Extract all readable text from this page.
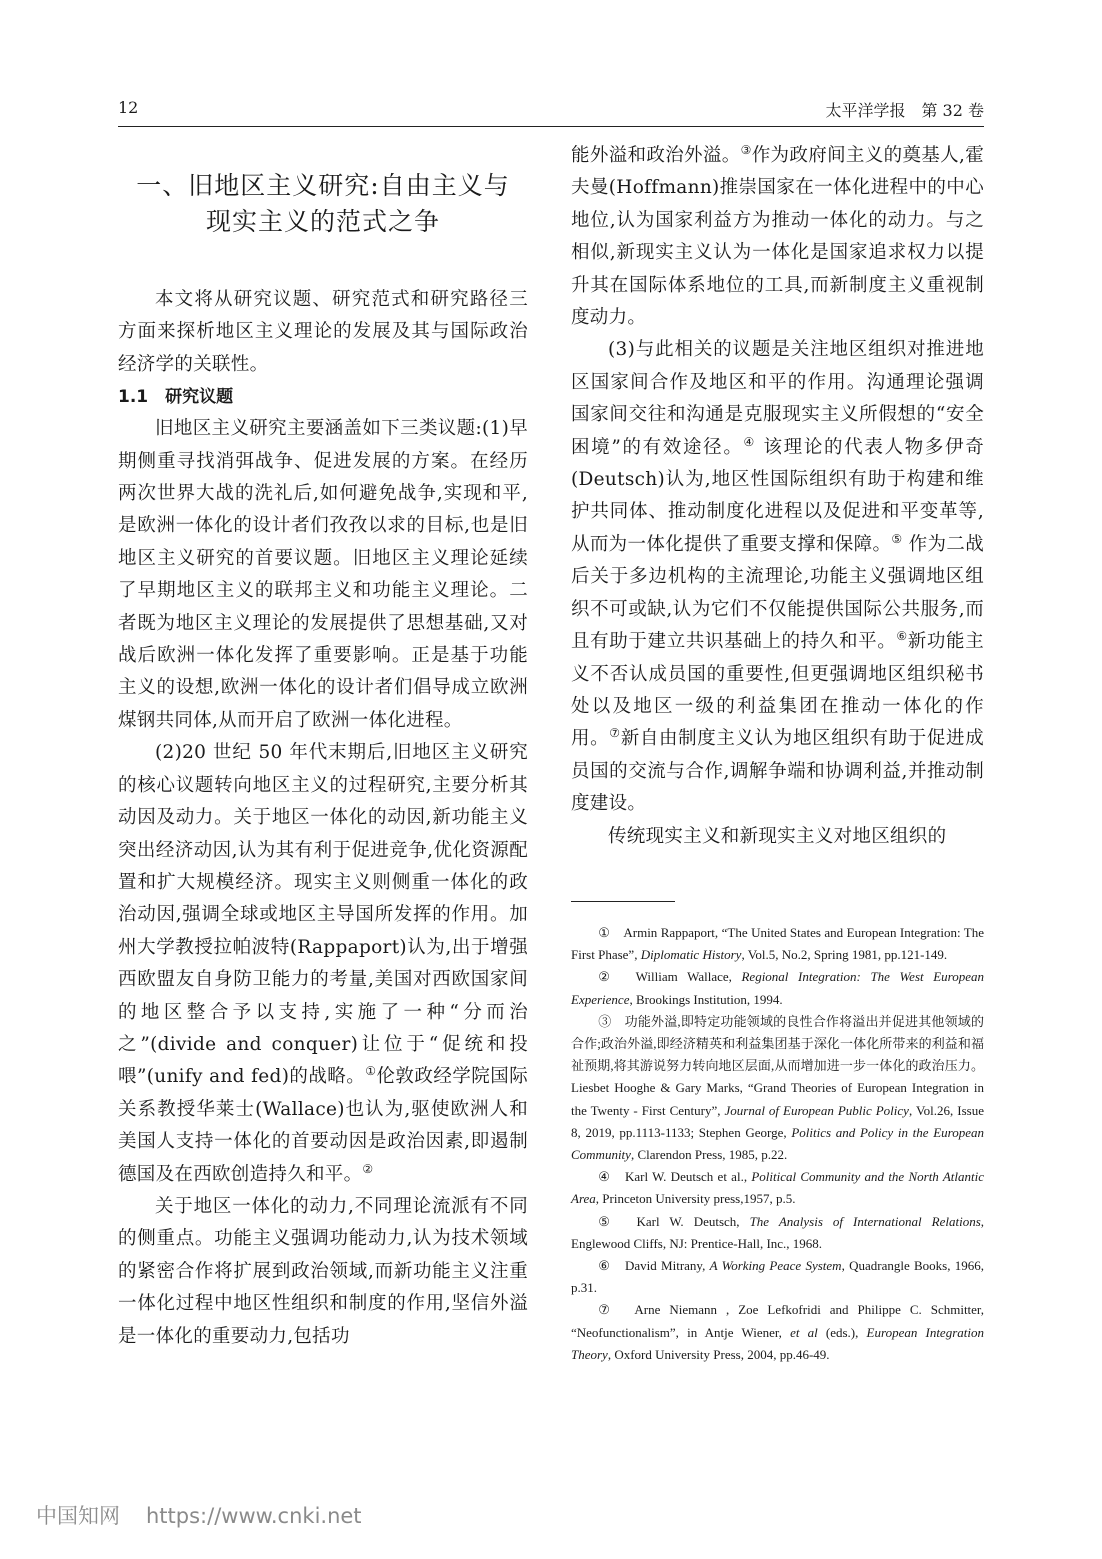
12	太平洋学报　第 32 卷
一、旧地区主义研究:自由主义与
现实主义的范式之争

本文将从研究议题、研究范式和研究路径三方面来探析地区主义理论的发展及其与国际政治经济学的关联性。

1.1　研究议题

旧地区主义研究主要涵盖如下三类议题:(1)早期侧重寻找消弭战争、促进发展的方案。在经历两次世界大战的洗礼后,如何避免战争,实现和平,是欧洲一体化的设计者们孜孜以求的目标,也是旧地区主义研究的首要议题。旧地区主义理论延续了早期地区主义的联邦主义和功能主义理论。二者既为地区主义理论的发展提供了思想基础,又对战后欧洲一体化发挥了重要影响。正是基于功能主义的设想,欧洲一体化的设计者们倡导成立欧洲煤钢共同体,从而开启了欧洲一体化进程。

(2)20 世纪 50 年代末期后,旧地区主义研究的核心议题转向地区主义的过程研究,主要分析其动因及动力。关于地区一体化的动因,新功能主义突出经济动因,认为其有利于促进竞争,优化资源配置和扩大规模经济。现实主义则侧重一体化的政治动因,强调全球或地区主导国所发挥的作用。加州大学教授拉帕波特(Rappaport)认为,出于增强西欧盟友自身防卫能力的考量,美国对西欧国家间的地区整合予以支持,实施了一种“分而治之”(divide and conquer)让位于“促统和投喂”(unify and fed)的战略。①伦敦政经学院国际关系教授华莱士(Wallace)也认为,驱使欧洲人和美国人支持一体化的首要动因是政治因素,即遏制德国及在西欧创造持久和平。②

关于地区一体化的动力,不同理论流派有不同的侧重点。功能主义强调功能动力,认为技术领域的紧密合作将扩展到政治领域,而新功能主义注重一体化过程中地区性组织和制度的作用,坚信外溢是一体化的重要动力,包括功

能外溢和政治外溢。③作为政府间主义的奠基人,霍夫曼(Hoffmann)推崇国家在一体化进程中的中心地位,认为国家利益方为推动一体化的动力。与之相似,新现实主义认为一体化是国家追求权力以提升其在国际体系地位的工具,而新制度主义重视制度动力。

(3)与此相关的议题是关注地区组织对推进地区国家间合作及地区和平的作用。沟通理论强调国家间交往和沟通是克服现实主义所假想的“安全困境”的有效途径。④ 该理论的代表人物多伊奇(Deutsch)认为,地区性国际组织有助于构建和维护共同体、推动制度化进程以及促进和平变革等,从而为一体化提供了重要支撑和保障。⑤ 作为二战后关于多边机构的主流理论,功能主义强调地区组织不可或缺,认为它们不仅能提供国际公共服务,而且有助于建立共识基础上的持久和平。⑥新功能主义不否认成员国的重要性,但更强调地区组织秘书处以及地区一级的利益集团在推动一体化的作用。⑦新自由制度主义认为地区组织有助于促进成员国的交流与合作,调解争端和协调利益,并推动制度建设。

传统现实主义和新现实主义对地区组织的

①　Armin Rappaport, “The United States and European Integration: The First Phase”, Diplomatic History, Vol.5, No.2, Spring 1981, pp.121-149.

②　William Wallace, Regional Integration: The West European Experience, Brookings Institution, 1994.

③　功能外溢,即特定功能领域的良性合作将溢出并促进其他领域的合作;政治外溢,即经济精英和利益集团基于深化一体化所带来的利益和福祉预期,将其游说努力转向地区层面,从而增加进一步一体化的政治压力。Liesbet Hooghe & Gary Marks, “Grand Theories of European Integration in the Twenty - First Century”, Journal of European Public Policy, Vol.26, Issue 8, 2019, pp.1113-1133; Stephen George, Politics and Policy in the European Community, Clarendon Press, 1985, p.22.

④　Karl W. Deutsch et al., Political Community and the North Atlantic Area, Princeton University press,1957, p.5.

⑤　Karl W. Deutsch, The Analysis of International Relations, Englewood Cliffs, NJ: Prentice-Hall, Inc., 1968.

⑥　David Mitrany, A Working Peace System, Quadrangle Books, 1966, p.31.

⑦　Arne Niemann , Zoe Lefkofridi and Philippe C. Schmitter, “Neofunctionalism”, in Antje Wiener, et al (eds.), European Integration Theory, Oxford University Press, 2004, pp.46-49.

中国知网 https://www.cnki.net
